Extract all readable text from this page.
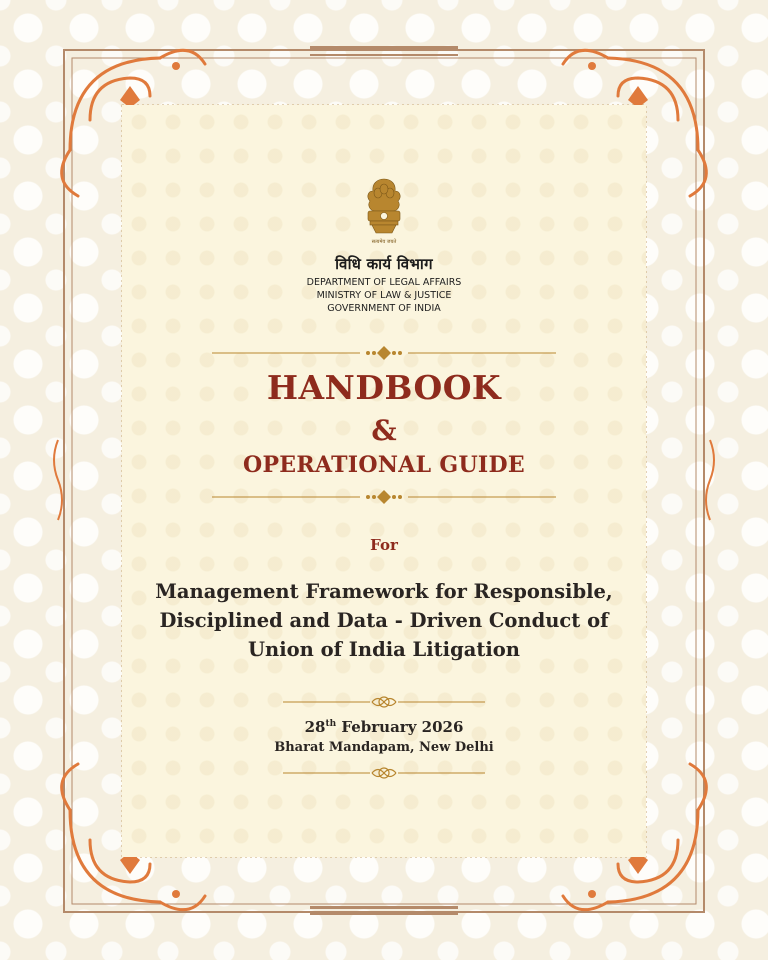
सत्यमेव जयते
विधि कार्य विभाग
DEPARTMENT OF LEGAL AFFAIRS
MINISTRY OF LAW & JUSTICE
GOVERNMENT OF INDIA
HANDBOOK
&
OPERATIONAL GUIDE
For
Management Framework for Responsible,
Disciplined and Data - Driven Conduct of
Union of India Litigation
28th February 2026
Bharat Mandapam, New Delhi
